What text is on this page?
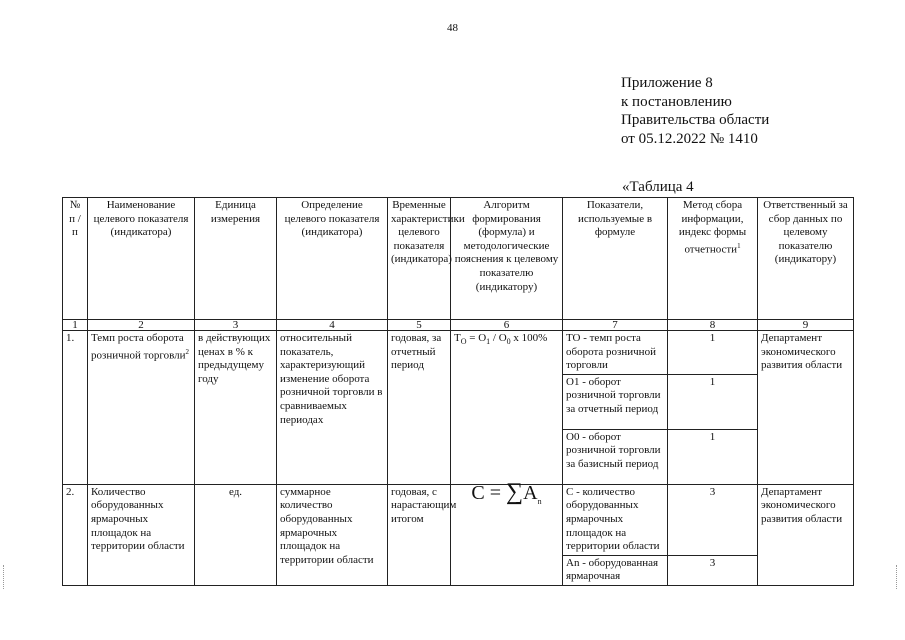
48
Приложение 8
к постановлению
Правительства области
от 05.12.2022 № 1410
«Таблица 4
№ п / п	Наименование целевого показателя (индикатора)	Единица измерения	Определение целевого показателя (индикатора)	Временные характеристики целевого показателя (индикатора)	Алгоритм формирования (формула) и методологические пояснения к целевому показателю (индикатору)	Показатели, используемые в формуле	Метод сбора информации, индекс формы отчетности$^1$	Ответственный за сбор данных по целевому показателю (индикатору)
1	2	3	4	5	6	7	8	9
1.	Темп роста оборота розничной торговли$^2$	в действующих ценах в % к предыдущему году	относительный показатель, характеризующий изменение оборота розничной торговли в сравниваемых периодах	годовая, за отчетный период	$T_O = O_1 / O_0$ x 100%	TO - темп роста оборота розничной торговли	1	Департамент экономического развития области
						O1 - оборот розничной торговли за отчетный период	1	
						O0 - оборот розничной торговли за базисный период	1	
2.	Количество оборудованных ярмарочных площадок на территории области	ед.	суммарное количество оборудованных ярмарочных площадок на территории области	годовая, с нарастающим итогом	$C = \sum A_n$	C - количество оборудованных ярмарочных площадок на территории области	3	Департамент экономического развития области
						An - оборудованная ярмарочная	3	
